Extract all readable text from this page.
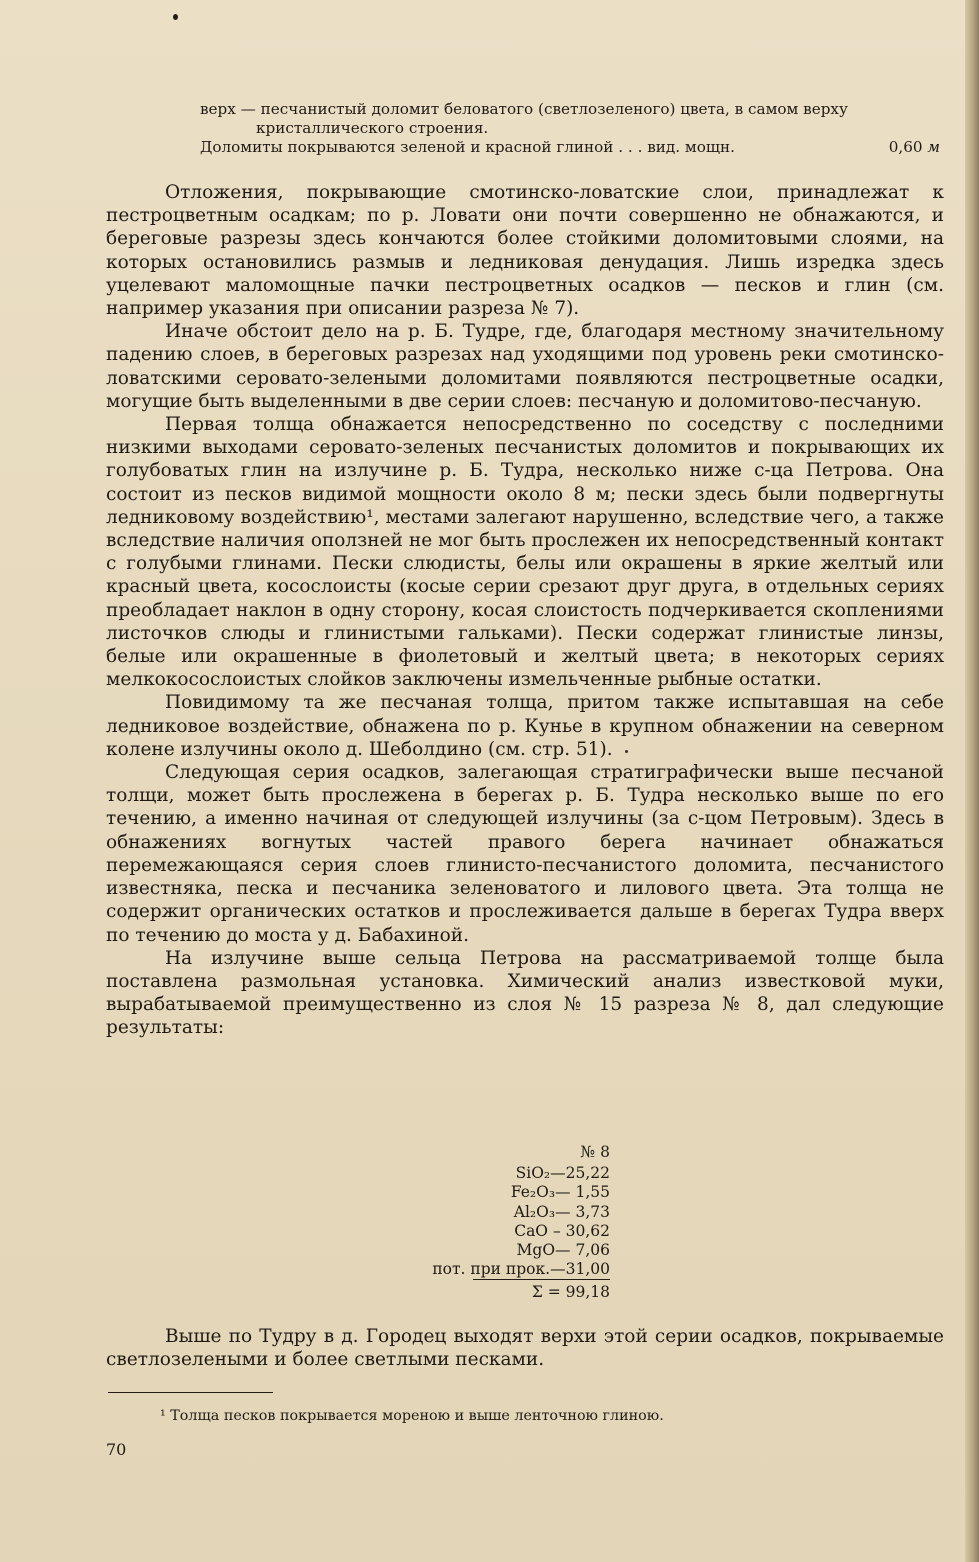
верх — песчанистый доломит беловатого (светлозеленого) цвета, в самом верху
кристаллического строения.
Доломиты покрываются зеленой и красной глиной . . . вид. мощн.	0,60 м

Отложения, покрывающие смотинско-ловатские слои, принадлежат к пестроцветным осадкам; по р. Ловати они почти совершенно не обнажаются, и береговые разрезы здесь кончаются более стойкими доломитовыми слоями, на которых остановились размыв и ледниковая денудация. Лишь изредка здесь уцелевают маломощные пачки пестроцветных осадков — песков и глин (см. например указания при описании разреза № 7).

Иначе обстоит дело на р. Б. Тудре, где, благодаря местному значительному падению слоев, в береговых разрезах над уходящими под уровень реки смотинско-ловатскими серовато-зелеными доломитами появляются пестроцветные осадки, могущие быть выделенными в две серии слоев: песчаную и доломитово-песчаную.

Первая толща обнажается непосредственно по соседству с последними низкими выходами серовато-зеленых песчанистых доломитов и покрывающих их голубоватых глин на излучине р. Б. Тудра, несколько ниже с-ца Петрова. Она состоит из песков видимой мощности около 8 м; пески здесь были подвергнуты ледниковому воздействию¹, местами залегают нарушенно, вследствие чего, а также вследствие наличия оползней не мог быть прослежен их непосредственный контакт с голубыми глинами. Пески слюдисты, белы или окрашены в яркие желтый или красный цвета, косослоисты (косые серии срезают друг друга, в отдельных сериях преобладает наклон в одну сторону, косая слоистость подчеркивается скоплениями листочков слюды и глинистыми гальками). Пески содержат глинистые линзы, белые или окрашенные в фиолетовый и желтый цвета; в некоторых сериях мелкокосослоистых слойков заключены измельченные рыбные остатки.

Повидимому та же песчаная толща, притом также испытавшая на себе ледниковое воздействие, обнажена по р. Кунье в крупном обнажении на северном колене излучины около д. Шеболдино (см. стр. 51).

Следующая серия осадков, залегающая стратиграфически выше песчаной толщи, может быть прослежена в берегах р. Б. Тудра несколько выше по его течению, а именно начиная от следующей излучины (за с-цом Петровым). Здесь в обнажениях вогнутых частей правого берега начинает обнажаться перемежающаяся серия слоев глинисто-песчанистого доломита, песчанистого известняка, песка и песчаника зеленоватого и лилового цвета. Эта толща не содержит органических остатков и прослеживается дальше в берегах Тудра вверх по течению до моста у д. Бабахиной.

На излучине выше сельца Петрова на рассматриваемой толще была поставлена размольная установка. Химический анализ известковой муки, вырабатываемой преимущественно из слоя № 15 разреза № 8, дал следующие результаты:

№ 8
SiO₂—25,22
Fe₂O₃— 1,55
Al₂O₃— 3,73
CaO – 30,62
MgO— 7,06
пот. при прок.—31,00
Σ = 99,18

Выше по Тудру в д. Городец выходят верхи этой серии осадков, покрываемые светлозелеными и более светлыми песками.

¹ Толща песков покрывается мореною и выше ленточною глиною.
70
